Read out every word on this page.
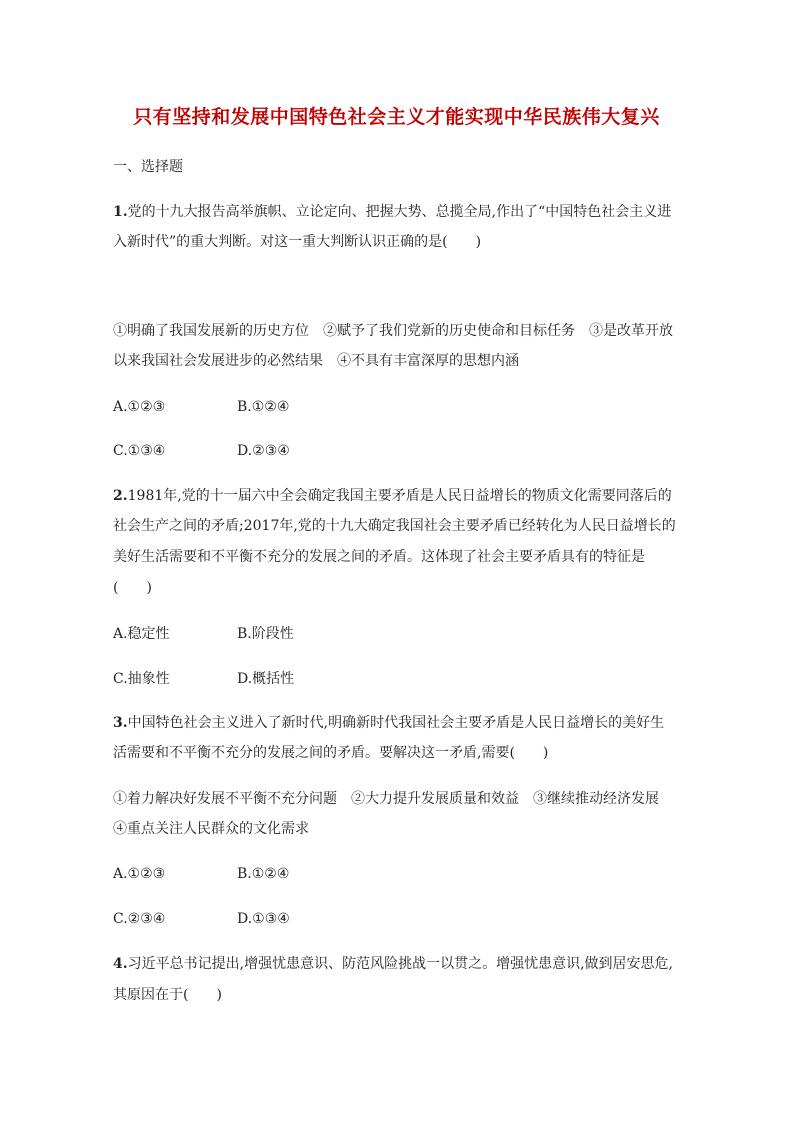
只有坚持和发展中国特色社会主义才能实现中华民族伟大复兴
一、选择题
1.党的十九大报告高举旗帜、立论定向、把握大势、总揽全局,作出了“中国特色社会主义进
入新时代”的重大判断。对这一重大判断认识正确的是(　　)
①明确了我国发展新的历史方位　②赋予了我们党新的历史使命和目标任务　③是改革开放
以来我国社会发展进步的必然结果　④不具有丰富深厚的思想内涵
A.①②③	B.①②④
C.①③④	D.②③④
2.1981年,党的十一届六中全会确定我国主要矛盾是人民日益增长的物质文化需要同落后的
社会生产之间的矛盾;2017年,党的十九大确定我国社会主要矛盾已经转化为人民日益增长的
美好生活需要和不平衡不充分的发展之间的矛盾。这体现了社会主要矛盾具有的特征是
(　　)
A.稳定性	B.阶段性
C.抽象性	D.概括性
3.中国特色社会主义进入了新时代,明确新时代我国社会主要矛盾是人民日益增长的美好生
活需要和不平衡不充分的发展之间的矛盾。要解决这一矛盾,需要(　　)
①着力解决好发展不平衡不充分问题　②大力提升发展质量和效益　③继续推动经济发展
④重点关注人民群众的文化需求
A.①②③	B.①②④
C.②③④	D.①③④
4.习近平总书记提出,增强忧患意识、防范风险挑战一以贯之。增强忧患意识,做到居安思危,
其原因在于(　　)
